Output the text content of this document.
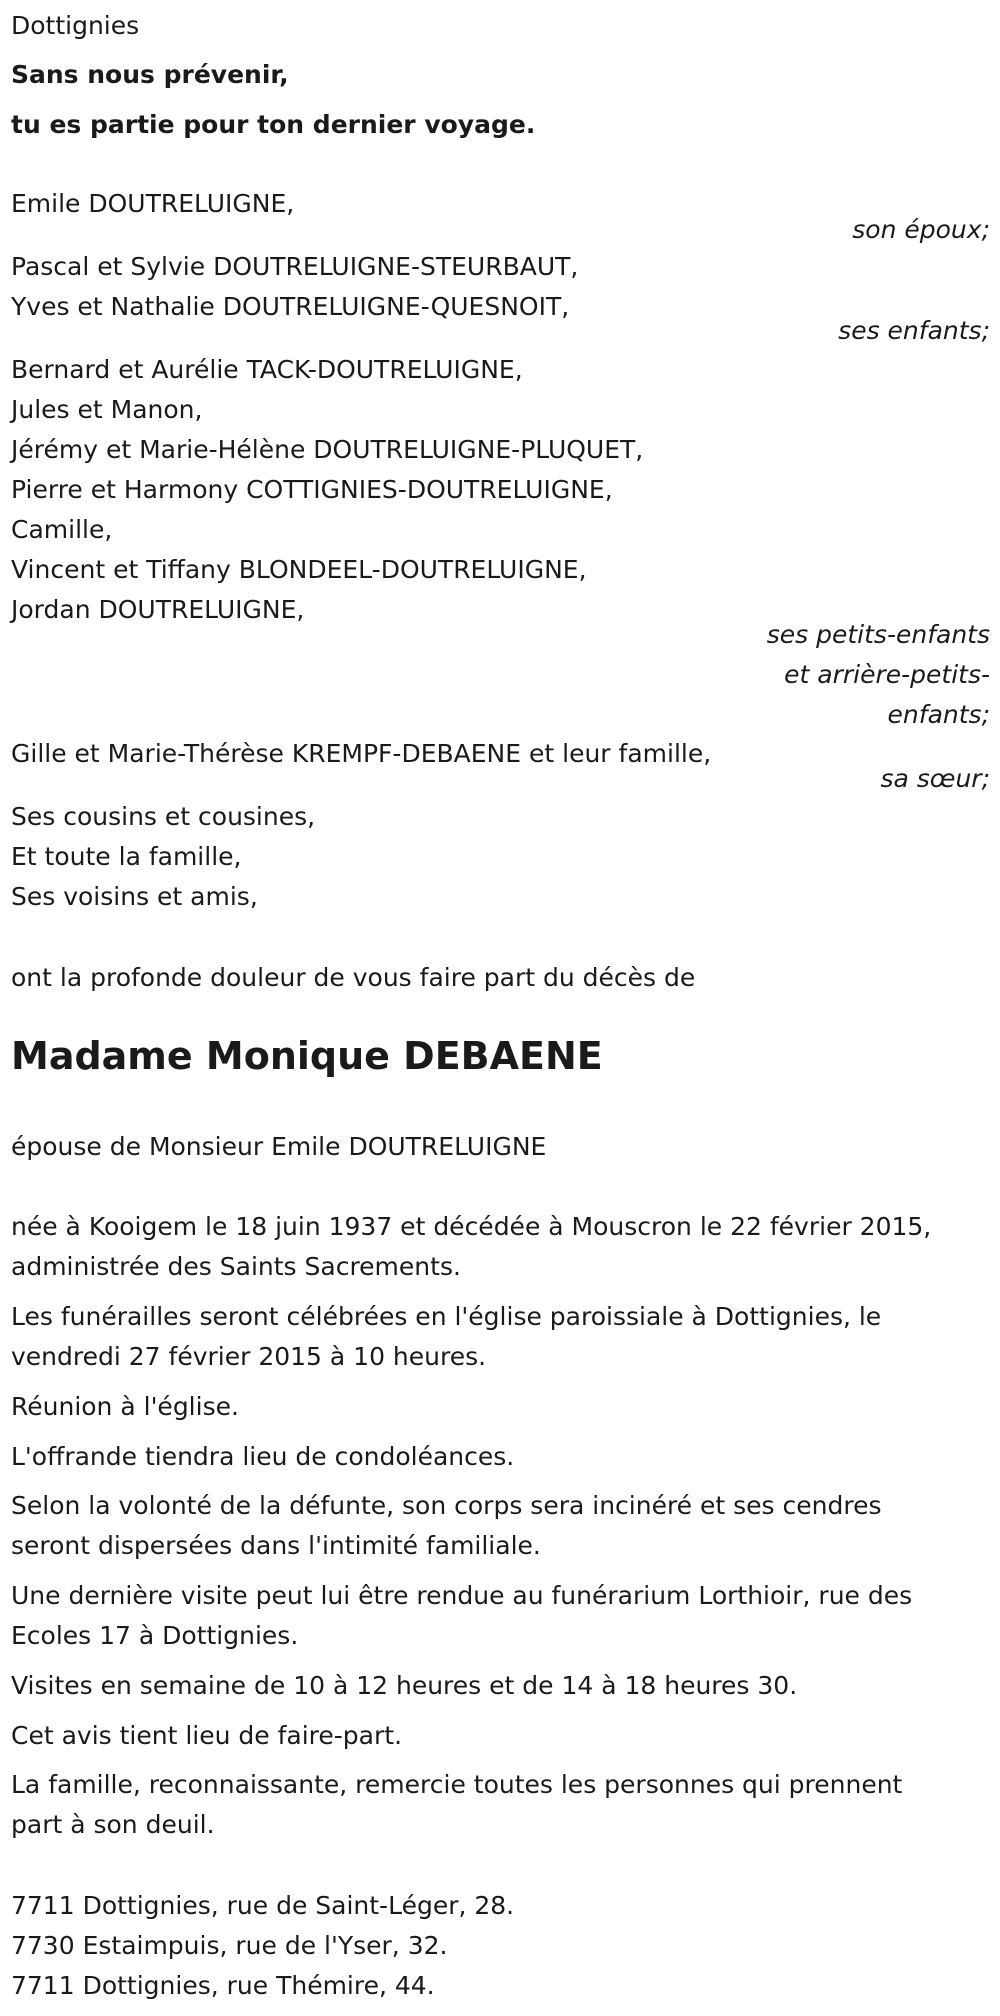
Dottignies
Sans nous prévenir,
tu es partie pour ton dernier voyage.
Emile DOUTRELUIGNE,
son époux;
Pascal et Sylvie DOUTRELUIGNE-STEURBAUT,
Yves et Nathalie DOUTRELUIGNE-QUESNOIT,
ses enfants;
Bernard et Aurélie TACK-DOUTRELUIGNE,
Jules et Manon,
Jérémy et Marie-Hélène DOUTRELUIGNE-PLUQUET,
Pierre et Harmony COTTIGNIES-DOUTRELUIGNE,
Camille,
Vincent et Tiffany BLONDEEL-DOUTRELUIGNE,
Jordan DOUTRELUIGNE,
ses petits-enfants
et arrière-petits-
enfants;
Gille et Marie-Thérèse KREMPF-DEBAENE et leur famille,
sa sœur;
Ses cousins et cousines,
Et toute la famille,
Ses voisins et amis,
ont la profonde douleur de vous faire part du décès de
Madame Monique DEBAENE
épouse de Monsieur Emile DOUTRELUIGNE
née à Kooigem le 18 juin 1937 et décédée à Mouscron le 22 février 2015,
administrée des Saints Sacrements.
Les funérailles seront célébrées en l'église paroissiale à Dottignies, le
vendredi 27 février 2015 à 10 heures.
Réunion à l'église.
L'offrande tiendra lieu de condoléances.
Selon la volonté de la défunte, son corps sera incinéré et ses cendres
seront dispersées dans l'intimité familiale.
Une dernière visite peut lui être rendue au funérarium Lorthioir, rue des
Ecoles 17 à Dottignies.
Visites en semaine de 10 à 12 heures et de 14 à 18 heures 30.
Cet avis tient lieu de faire-part.
La famille, reconnaissante, remercie toutes les personnes qui prennent
part à son deuil.
7711 Dottignies, rue de Saint-Léger, 28.
7730 Estaimpuis, rue de l'Yser, 32.
7711 Dottignies, rue Thémire, 44.
